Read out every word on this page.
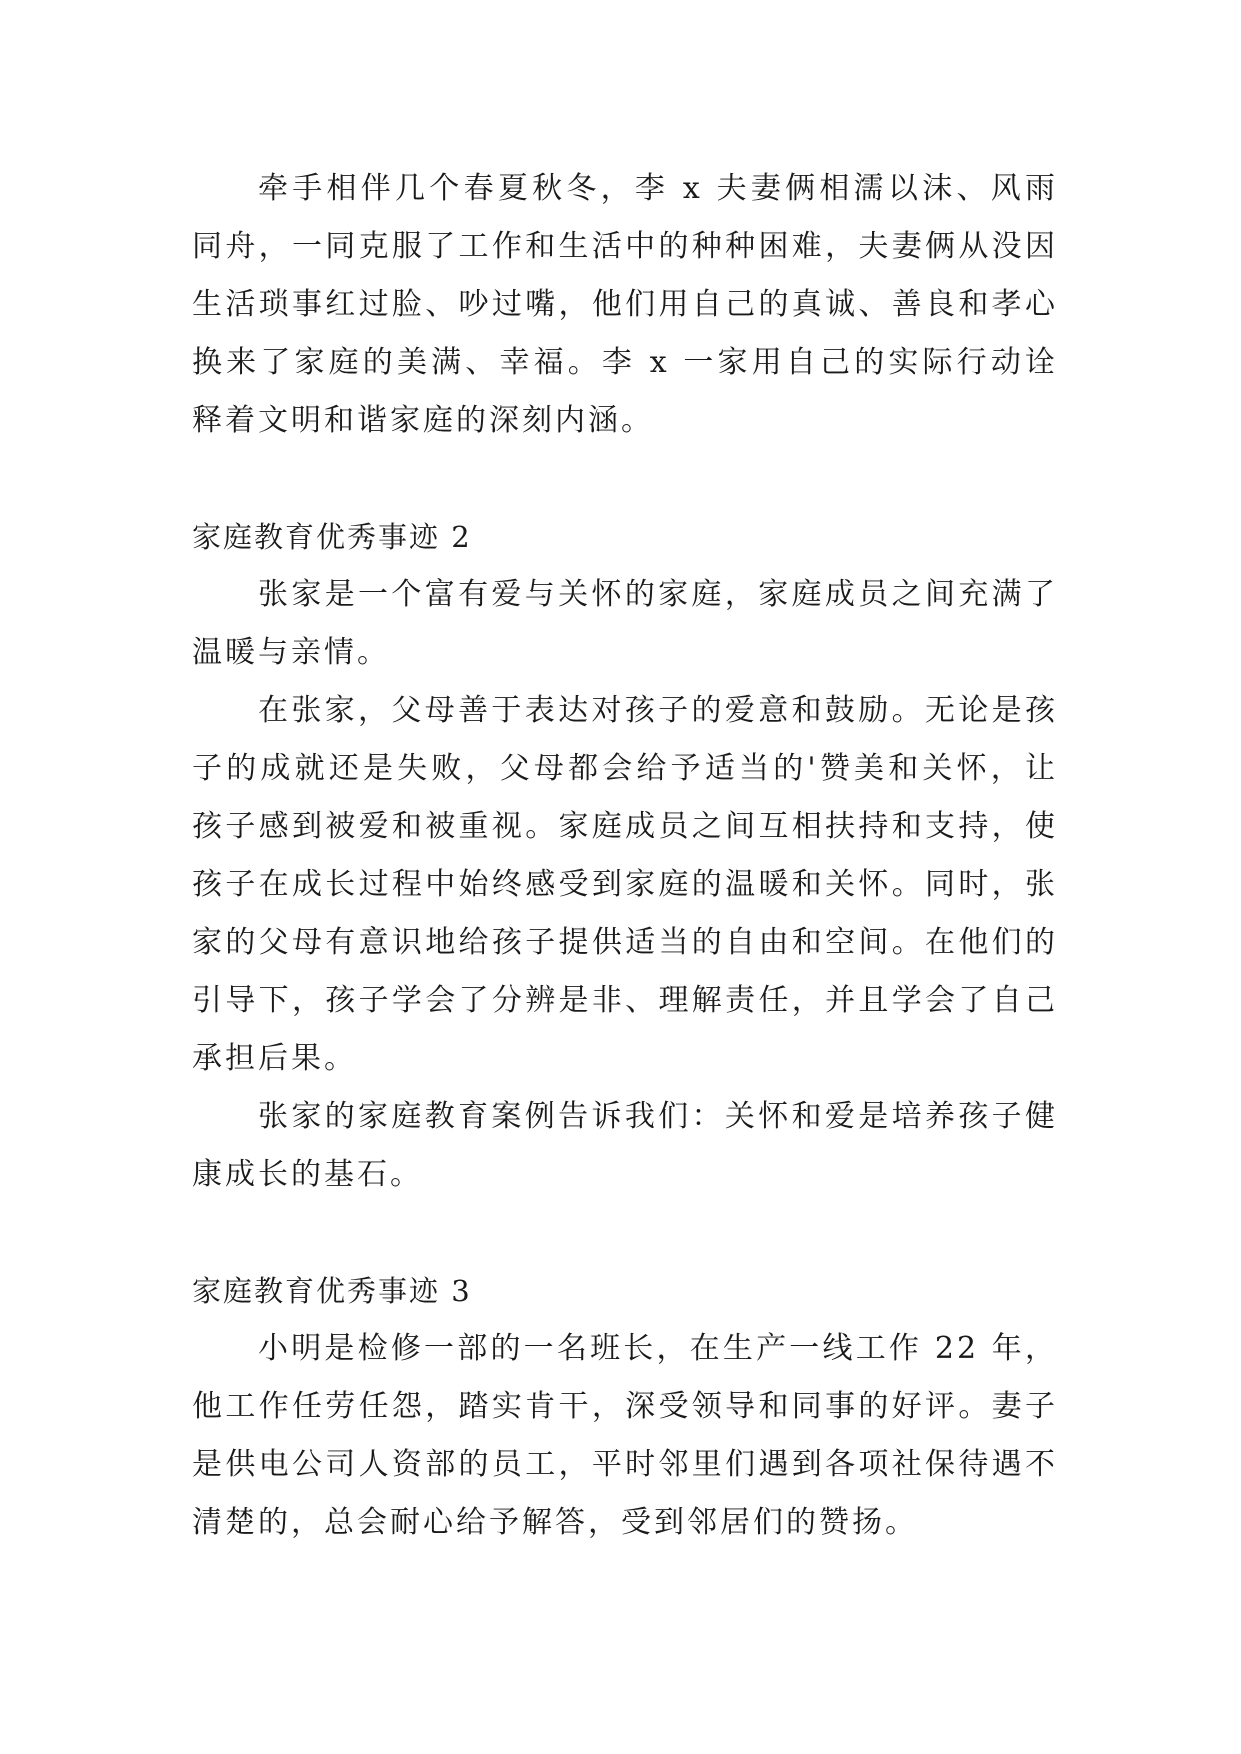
牵手相伴几个春夏秋冬，李 x 夫妻俩相濡以沫、风雨同舟，一同克服了工作和生活中的种种困难，夫妻俩从没因生活琐事红过脸、吵过嘴，他们用自己的真诚、善良和孝心换来了家庭的美满、幸福。李 x 一家用自己的实际行动诠释着文明和谐家庭的深刻内涵。

家庭教育优秀事迹 2

张家是一个富有爱与关怀的家庭，家庭成员之间充满了温暖与亲情。

在张家，父母善于表达对孩子的爱意和鼓励。无论是孩子的成就还是失败，父母都会给予适当的'赞美和关怀，让孩子感到被爱和被重视。家庭成员之间互相扶持和支持，使孩子在成长过程中始终感受到家庭的温暖和关怀。同时，张家的父母有意识地给孩子提供适当的自由和空间。在他们的引导下，孩子学会了分辨是非、理解责任，并且学会了自己承担后果。

张家的家庭教育案例告诉我们：关怀和爱是培养孩子健康成长的基石。

家庭教育优秀事迹 3

小明是检修一部的一名班长，在生产一线工作 22 年，他工作任劳任怨，踏实肯干，深受领导和同事的好评。妻子是供电公司人资部的员工，平时邻里们遇到各项社保待遇不清楚的，总会耐心给予解答，受到邻居们的赞扬。
